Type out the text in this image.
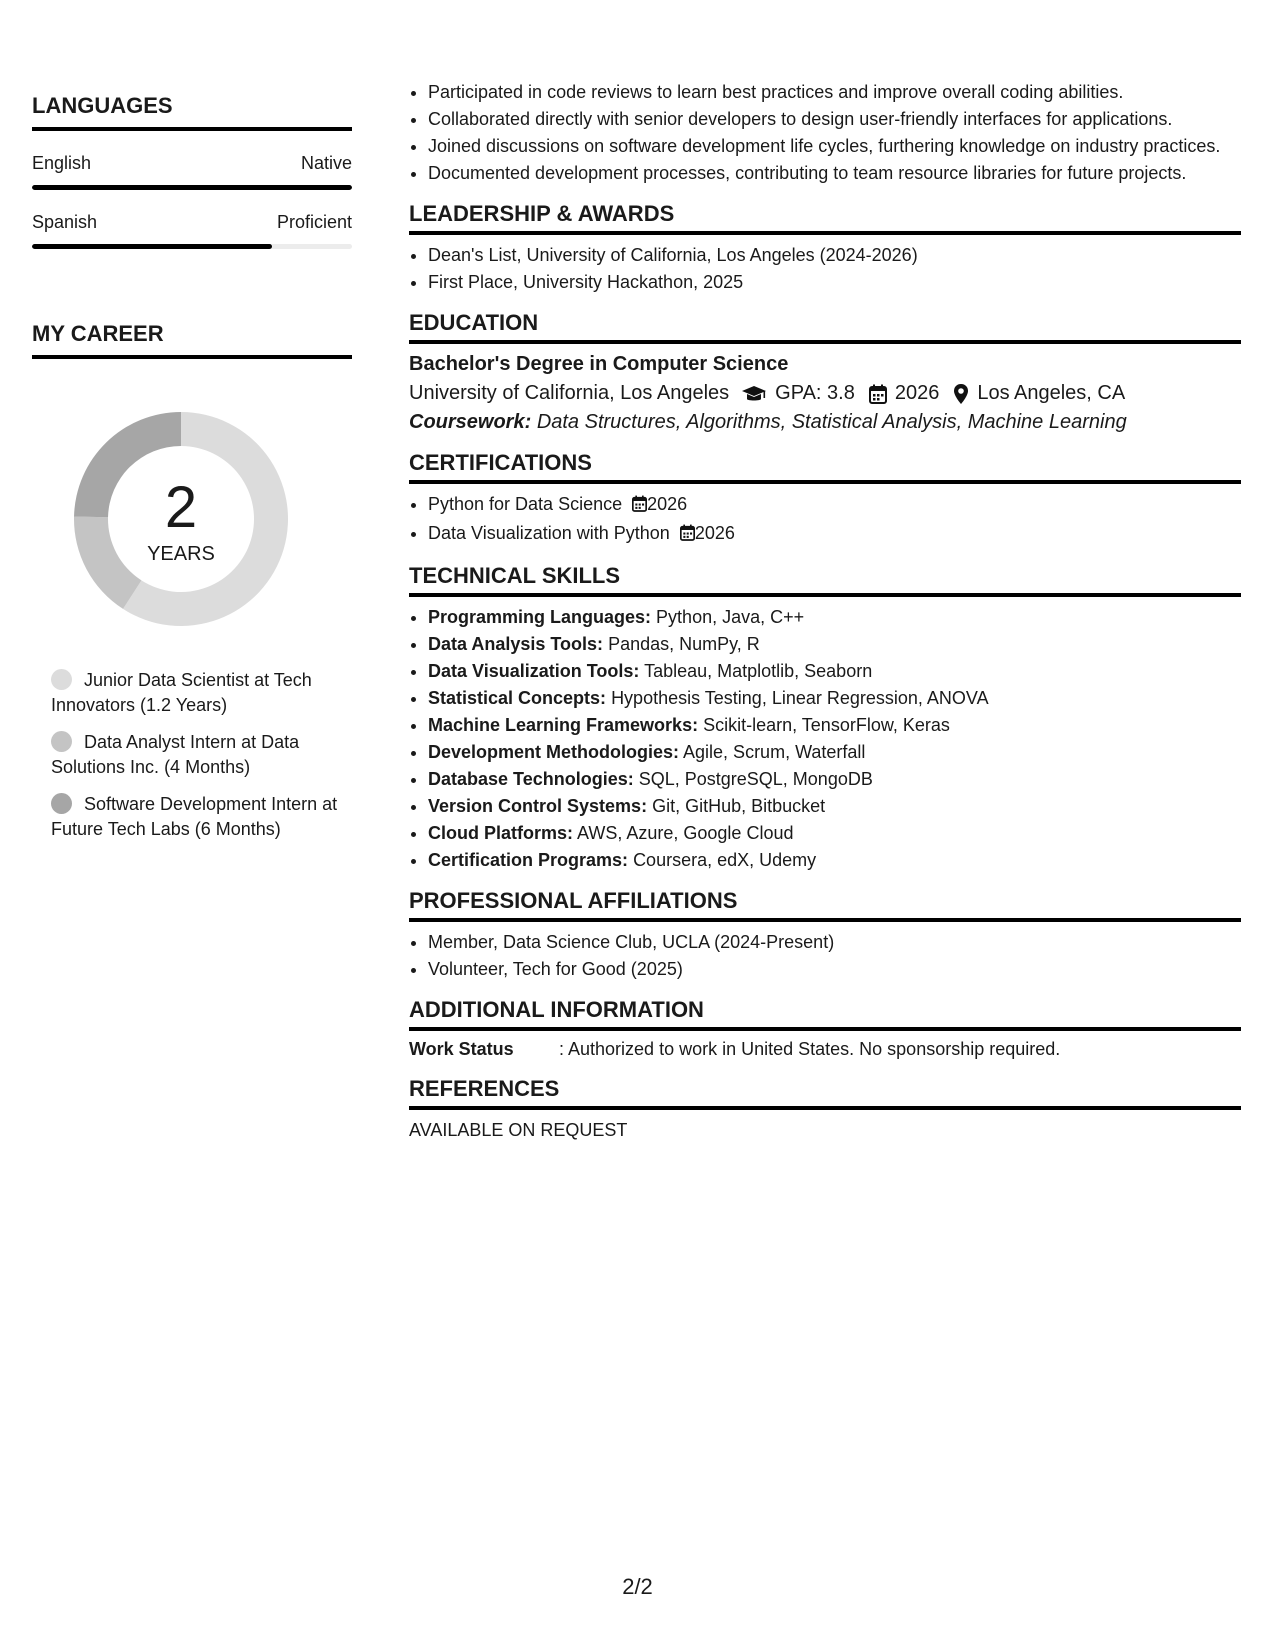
LANGUAGES
English	Native
Spanish	Proficient
MY CAREER
2
YEARS
Junior Data Scientist at Tech Innovators (1.2 Years)
Data Analyst Intern at Data Solutions Inc. (4 Months)
Software Development Intern at Future Tech Labs (6 Months)
• Participated in code reviews to learn best practices and improve overall coding abilities.
• Collaborated directly with senior developers to design user-friendly interfaces for applications.
• Joined discussions on software development life cycles, furthering knowledge on industry practices.
• Documented development processes, contributing to team resource libraries for future projects.
LEADERSHIP & AWARDS
• Dean's List, University of California, Los Angeles (2024-2026)
• First Place, University Hackathon, 2025
EDUCATION
Bachelor's Degree in Computer Science
University of California, Los Angeles GPA: 3.8 2026 Los Angeles, CA
Coursework: Data Structures, Algorithms, Statistical Analysis, Machine Learning
CERTIFICATIONS
• Python for Data Science 2026
• Data Visualization with Python 2026
TECHNICAL SKILLS
• Programming Languages: Python, Java, C++
• Data Analysis Tools: Pandas, NumPy, R
• Data Visualization Tools: Tableau, Matplotlib, Seaborn
• Statistical Concepts: Hypothesis Testing, Linear Regression, ANOVA
• Machine Learning Frameworks: Scikit-learn, TensorFlow, Keras
• Development Methodologies: Agile, Scrum, Waterfall
• Database Technologies: SQL, PostgreSQL, MongoDB
• Version Control Systems: Git, GitHub, Bitbucket
• Cloud Platforms: AWS, Azure, Google Cloud
• Certification Programs: Coursera, edX, Udemy
PROFESSIONAL AFFILIATIONS
• Member, Data Science Club, UCLA (2024-Present)
• Volunteer, Tech for Good (2025)
ADDITIONAL INFORMATION
Work Status	: Authorized to work in United States. No sponsorship required.
REFERENCES
AVAILABLE ON REQUEST
2/2
